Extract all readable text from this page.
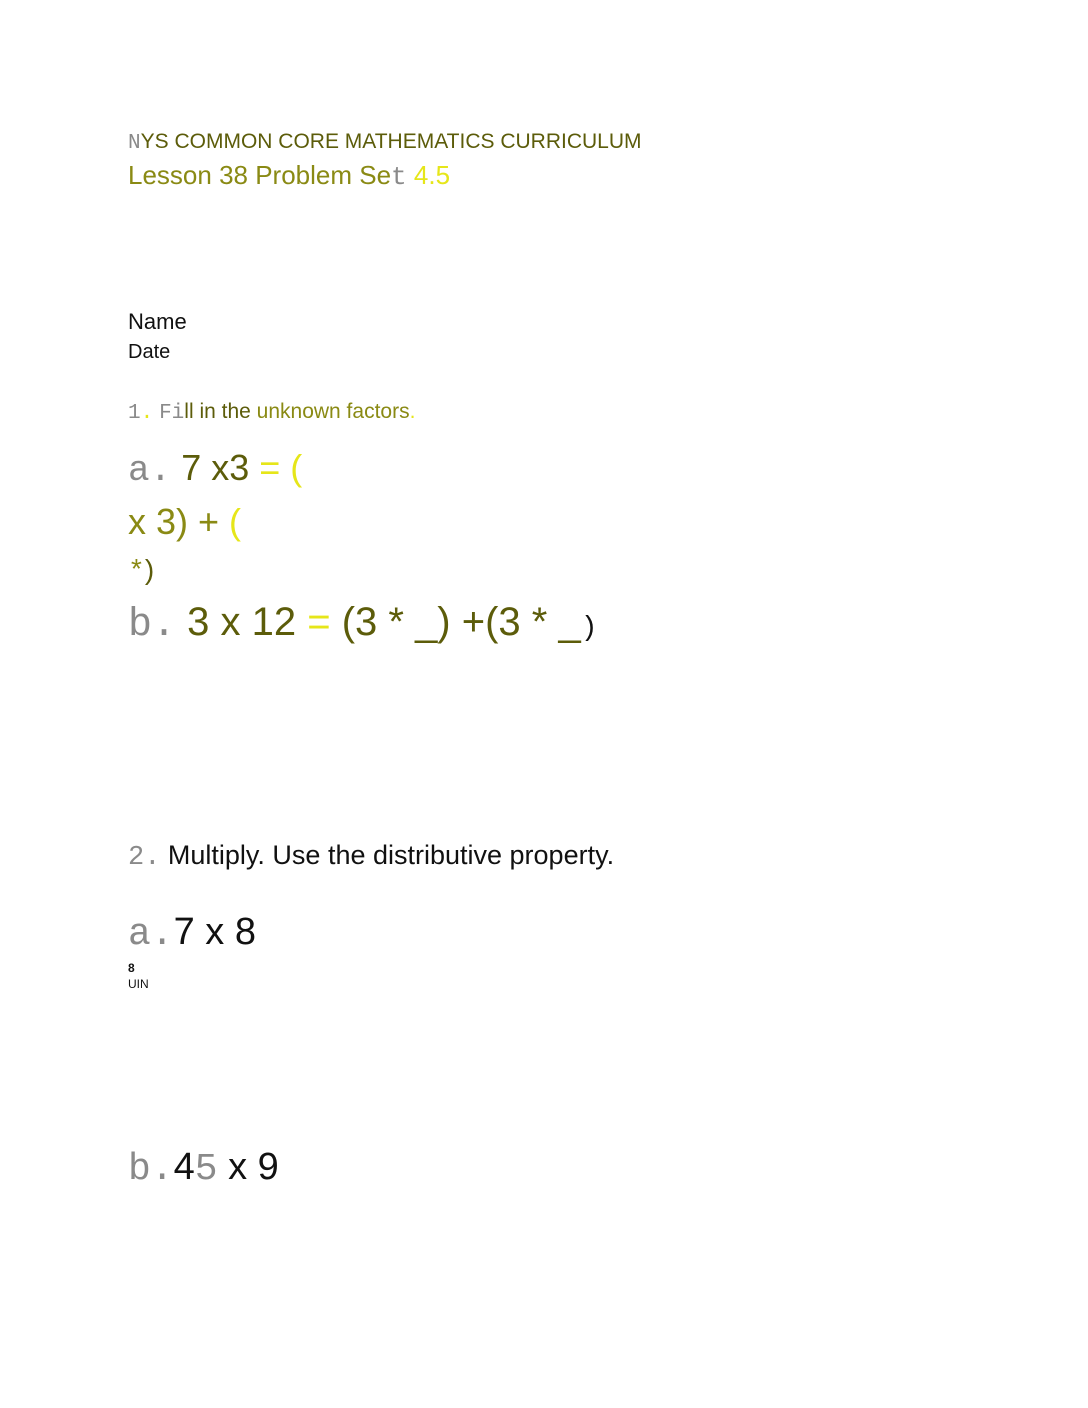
NYS COMMON CORE MATHEMATICS CURRICULUM
Lesson 38 Problem Set 4.5
Name
Date
1. Fill in the unknown factors.
a. 7 x3 = (
x 3) + (
*)
b. 3 x 12 = (3 * _) +(3 * _)
2. Multiply. Use the distributive property.
a.7 x 8
8
UIN
b.45 x 9
